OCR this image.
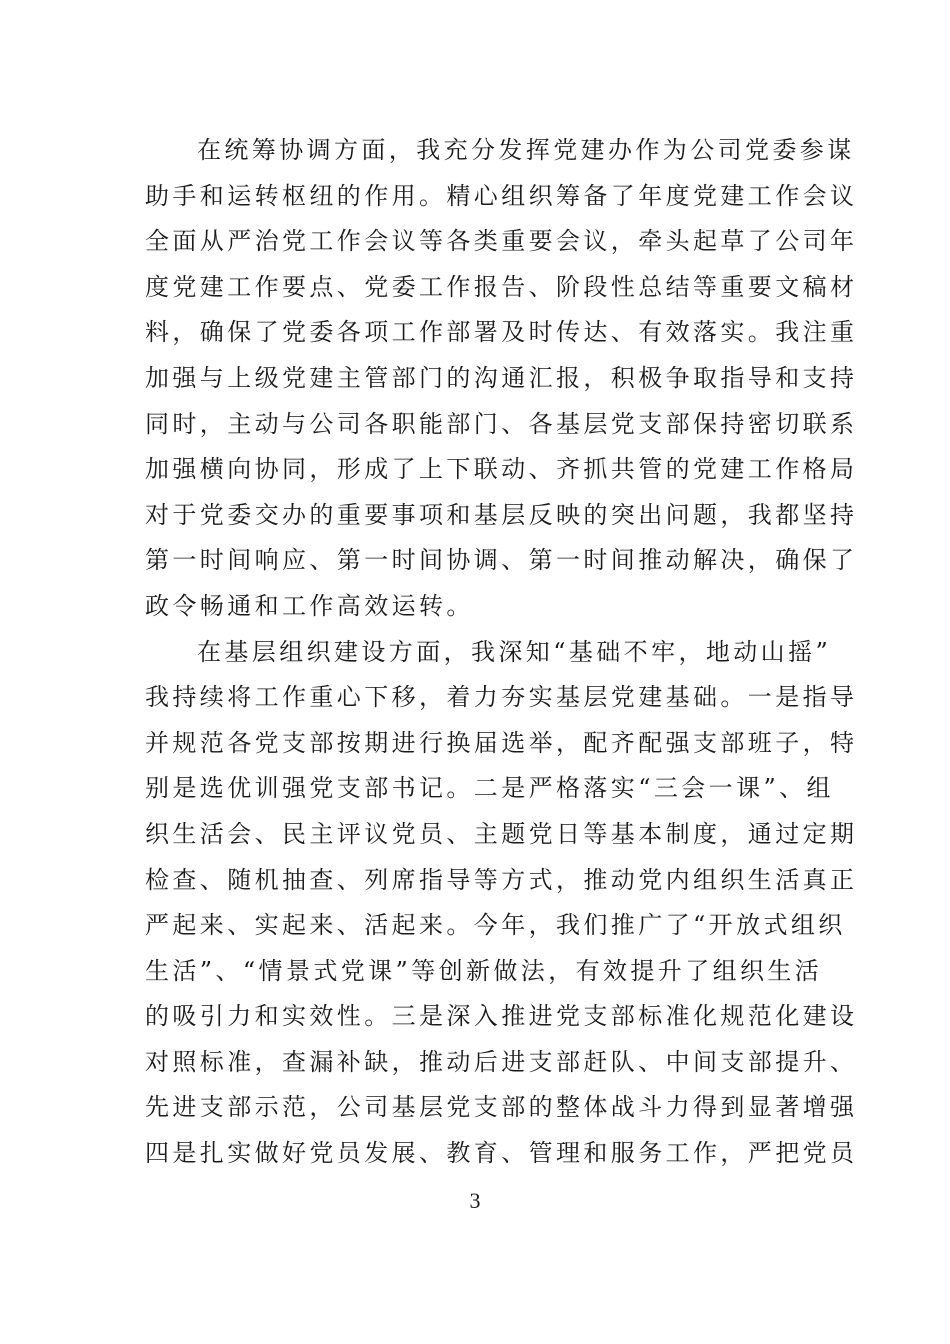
在统筹协调方面，我充分发挥党建办作为公司党委参谋
助手和运转枢纽的作用。精心组织筹备了年度党建工作会议
全面从严治党工作会议等各类重要会议，牵头起草了公司年
度党建工作要点、党委工作报告、阶段性总结等重要文稿材
料，确保了党委各项工作部署及时传达、有效落实。我注重
加强与上级党建主管部门的沟通汇报，积极争取指导和支持
同时，主动与公司各职能部门、各基层党支部保持密切联系
加强横向协同，形成了上下联动、齐抓共管的党建工作格局
对于党委交办的重要事项和基层反映的突出问题，我都坚持
第一时间响应、第一时间协调、第一时间推动解决，确保了
政令畅通和工作高效运转。
在基层组织建设方面，我深知“基础不牢，地动山摇”
我持续将工作重心下移，着力夯实基层党建基础。一是指导
并规范各党支部按期进行换届选举，配齐配强支部班子，特
别是选优训强党支部书记。二是严格落实“三会一课”、组
织生活会、民主评议党员、主题党日等基本制度，通过定期
检查、随机抽查、列席指导等方式，推动党内组织生活真正
严起来、实起来、活起来。今年，我们推广了“开放式组织
生活”、“情景式党课”等创新做法，有效提升了组织生活
的吸引力和实效性。三是深入推进党支部标准化规范化建设
对照标准，查漏补缺，推动后进支部赶队、中间支部提升、
先进支部示范，公司基层党支部的整体战斗力得到显著增强
四是扎实做好党员发展、教育、管理和服务工作，严把党员
3
